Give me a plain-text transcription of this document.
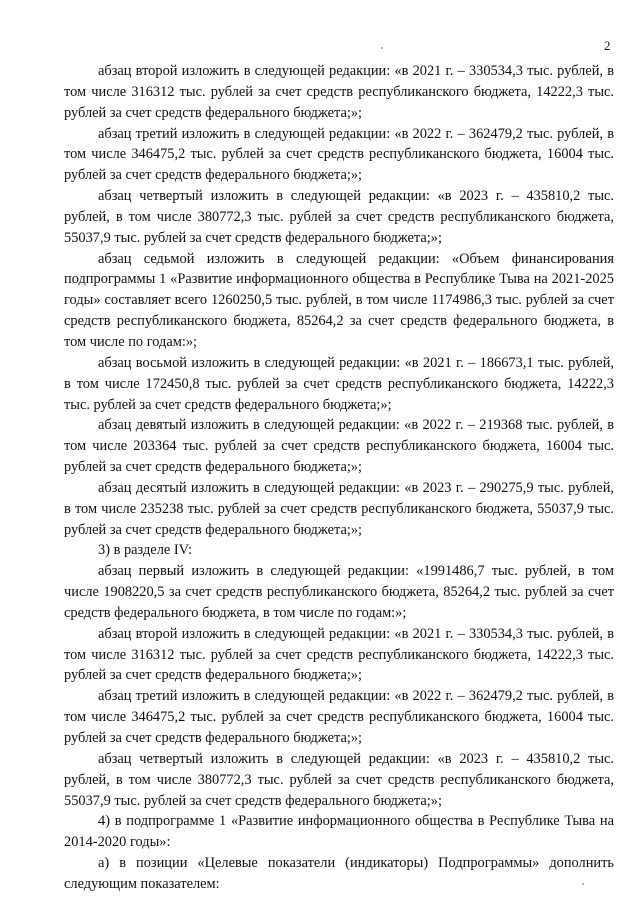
2

абзац второй изложить в следующей редакции: «в 2021 г. – 330534,3 тыс. рублей, в том числе 316312 тыс. рублей за счет средств республиканского бюджета, 14222,3 тыс. рублей за счет средств федерального бюджета;»;

абзац третий изложить в следующей редакции: «в 2022 г. – 362479,2 тыс. рублей, в том числе 346475,2 тыс. рублей за счет средств республиканского бюджета, 16004 тыс. рублей за счет средств федерального бюджета;»;

абзац четвертый изложить в следующей редакции: «в 2023 г. – 435810,2 тыс. рублей, в том числе 380772,3 тыс. рублей за счет средств республиканского бюджета, 55037,9 тыс. рублей за счет средств федерального бюджета;»;

абзац седьмой изложить в следующей редакции: «Объем финансирования подпрограммы 1 «Развитие информационного общества в Республике Тыва на 2021-2025 годы» составляет всего 1260250,5 тыс. рублей, в том числе 1174986,3 тыс. рублей за счет средств республиканского бюджета, 85264,2 за счет средств федерального бюджета, в том числе по годам:»;

абзац восьмой изложить в следующей редакции: «в 2021 г. – 186673,1 тыс. рублей, в том числе 172450,8 тыс. рублей за счет средств республиканского бюджета, 14222,3 тыс. рублей за счет средств федерального бюджета;»;

абзац девятый изложить в следующей редакции: «в 2022 г. – 219368 тыс. рублей, в том числе 203364 тыс. рублей за счет средств республиканского бюджета, 16004 тыс. рублей за счет средств федерального бюджета;»;

абзац десятый изложить в следующей редакции: «в 2023 г. – 290275,9 тыс. рублей, в том числе 235238 тыс. рублей за счет средств республиканского бюджета, 55037,9 тыс. рублей за счет средств федерального бюджета;»;

3) в разделе IV:

абзац первый изложить в следующей редакции: «1991486,7 тыс. рублей, в том числе 1908220,5 за счет средств республиканского бюджета, 85264,2 тыс. рублей за счет средств федерального бюджета, в том числе по годам:»;

абзац второй изложить в следующей редакции: «в 2021 г. – 330534,3 тыс. рублей, в том числе 316312 тыс. рублей за счет средств республиканского бюджета, 14222,3 тыс. рублей за счет средств федерального бюджета;»;

абзац третий изложить в следующей редакции: «в 2022 г. – 362479,2 тыс. рублей, в том числе 346475,2 тыс. рублей за счет средств республиканского бюджета, 16004 тыс. рублей за счет средств федерального бюджета;»;

абзац четвертый изложить в следующей редакции: «в 2023 г. – 435810,2 тыс. рублей, в том числе 380772,3 тыс. рублей за счет средств республиканского бюджета, 55037,9 тыс. рублей за счет средств федерального бюджета;»;

4) в подпрограмме 1 «Развитие информационного общества в Республике Тыва на 2014-2020 годы»:

а) в позиции «Целевые показатели (индикаторы) Подпрограммы» дополнить следующим показателем:
